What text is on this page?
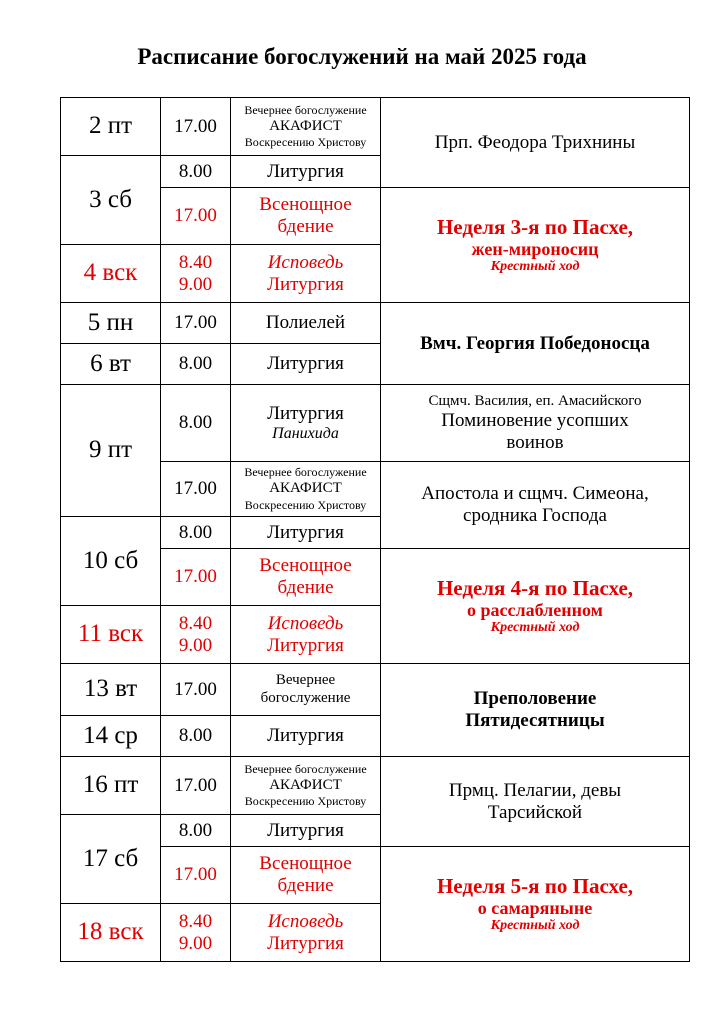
Расписание богослужений на май 2025 года
2 пт	17.00	Вечернее богослужение
АКАФИСТ
Воскресению Христову	Прп. Феодора Трихнины
3 сб	8.00	Литургия	
	17.00	Всенощное
бдение	Неделя 3-я по Пасхе,
жен-мироносиц
Крестный ход

4 вск	8.40
9.00	Исповедь
Литургия	

5 пн	17.00	Полиелей	Вмч. Георгия Победоносца
6 вт	8.00	Литургия	
9 пт	8.00	Литургия
Панихида	Сщмч. Василия, еп. Амасийского
Поминовение усопших
воинов

	17.00	Вечернее богослужение
АКАФИСТ
Воскресению Христову	Апостола и сщмч. Симеона,
сродника Господа

10 сб	8.00	Литургия	
	17.00	Всенощное
бдение	Неделя 4-я по Пасхе,
о расслабленном
Крестный ход

11 вск	8.40
9.00	Исповедь
Литургия	

13 вт	17.00	Вечернее
богослужение	Преполовение
Пятидесятницы

14 ср	8.00	Литургия	
16 пт	17.00	Вечернее богослужение
АКАФИСТ
Воскресению Христову	Прмц. Пелагии, девы
Тарсийской

17 сб	8.00	Литургия	
	17.00	Всенощное
бдение	Неделя 5-я по Пасхе,
о самаряныне
Крестный ход

18 вск	8.40
9.00	Исповедь
Литургия	
